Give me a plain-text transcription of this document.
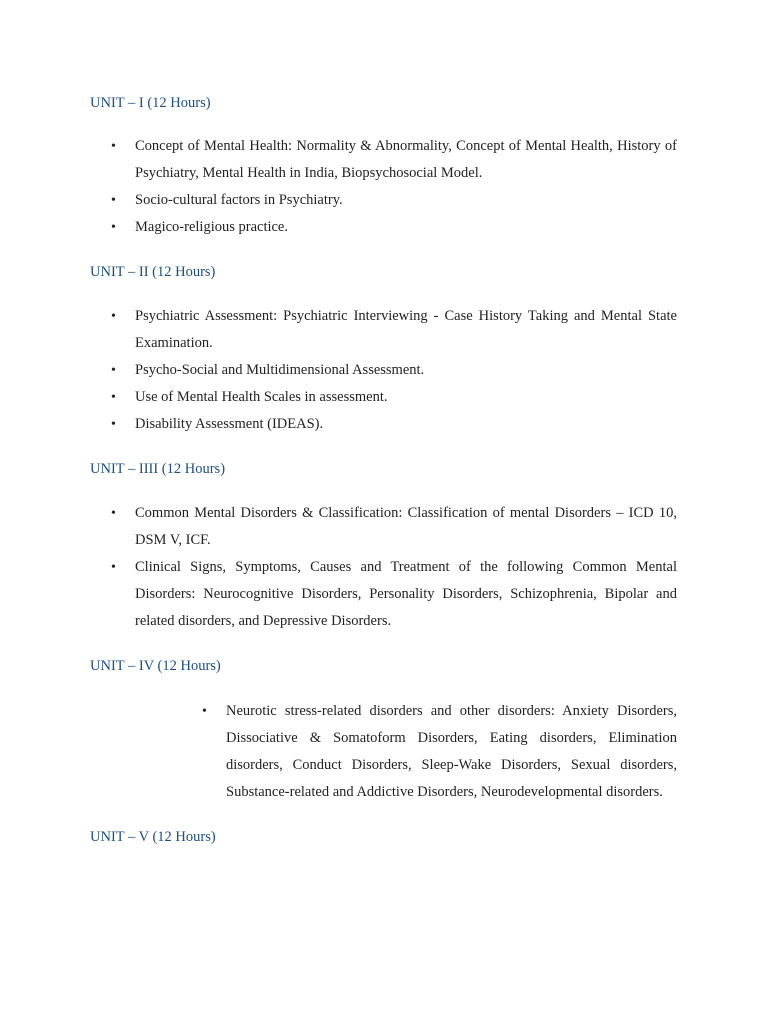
UNIT – I (12 Hours)
• Concept of Mental Health: Normality & Abnormality, Concept of Mental Health, History of Psychiatry, Mental Health in India, Biopsychosocial Model.
• Socio-cultural factors in Psychiatry.
• Magico-religious practice.
UNIT – II (12 Hours)
• Psychiatric Assessment: Psychiatric Interviewing - Case History Taking and Mental State Examination.
• Psycho-Social and Multidimensional Assessment.
• Use of Mental Health Scales in assessment.
• Disability Assessment (IDEAS).
UNIT – IIII (12 Hours)
• Common Mental Disorders & Classification: Classification of mental Disorders – ICD 10, DSM V, ICF.
• Clinical Signs, Symptoms, Causes and Treatment of the following Common Mental Disorders: Neurocognitive Disorders, Personality Disorders, Schizophrenia, Bipolar and related disorders, and Depressive Disorders.
UNIT – IV (12 Hours)
• Neurotic stress-related disorders and other disorders: Anxiety Disorders, Dissociative & Somatoform Disorders, Eating disorders, Elimination disorders, Conduct Disorders, Sleep-Wake Disorders, Sexual disorders, Substance-related and Addictive Disorders, Neurodevelopmental disorders.
UNIT – V (12 Hours)
